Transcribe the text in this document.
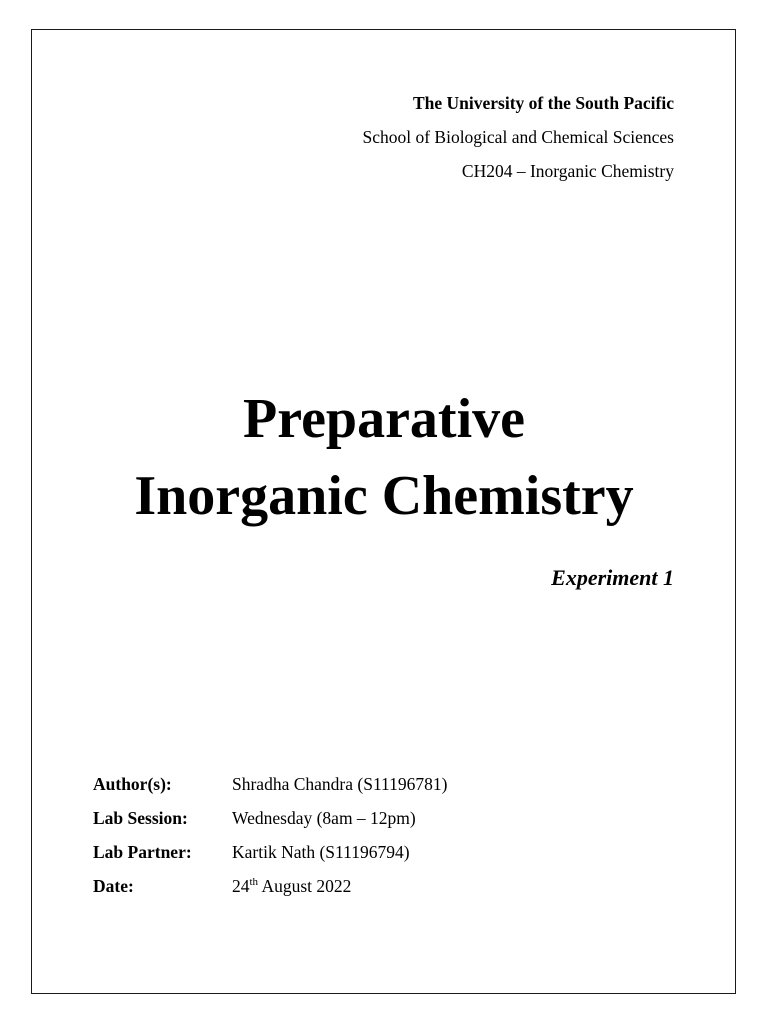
The University of the South Pacific
School of Biological and Chemical Sciences
CH204 – Inorganic Chemistry
Preparative
Inorganic Chemistry
Experiment 1
Author(s):	Shradha Chandra (S11196781)
Lab Session:	Wednesday (8am – 12pm)
Lab Partner: Kartik Nath (S11196794)
Date:	24th August 2022
